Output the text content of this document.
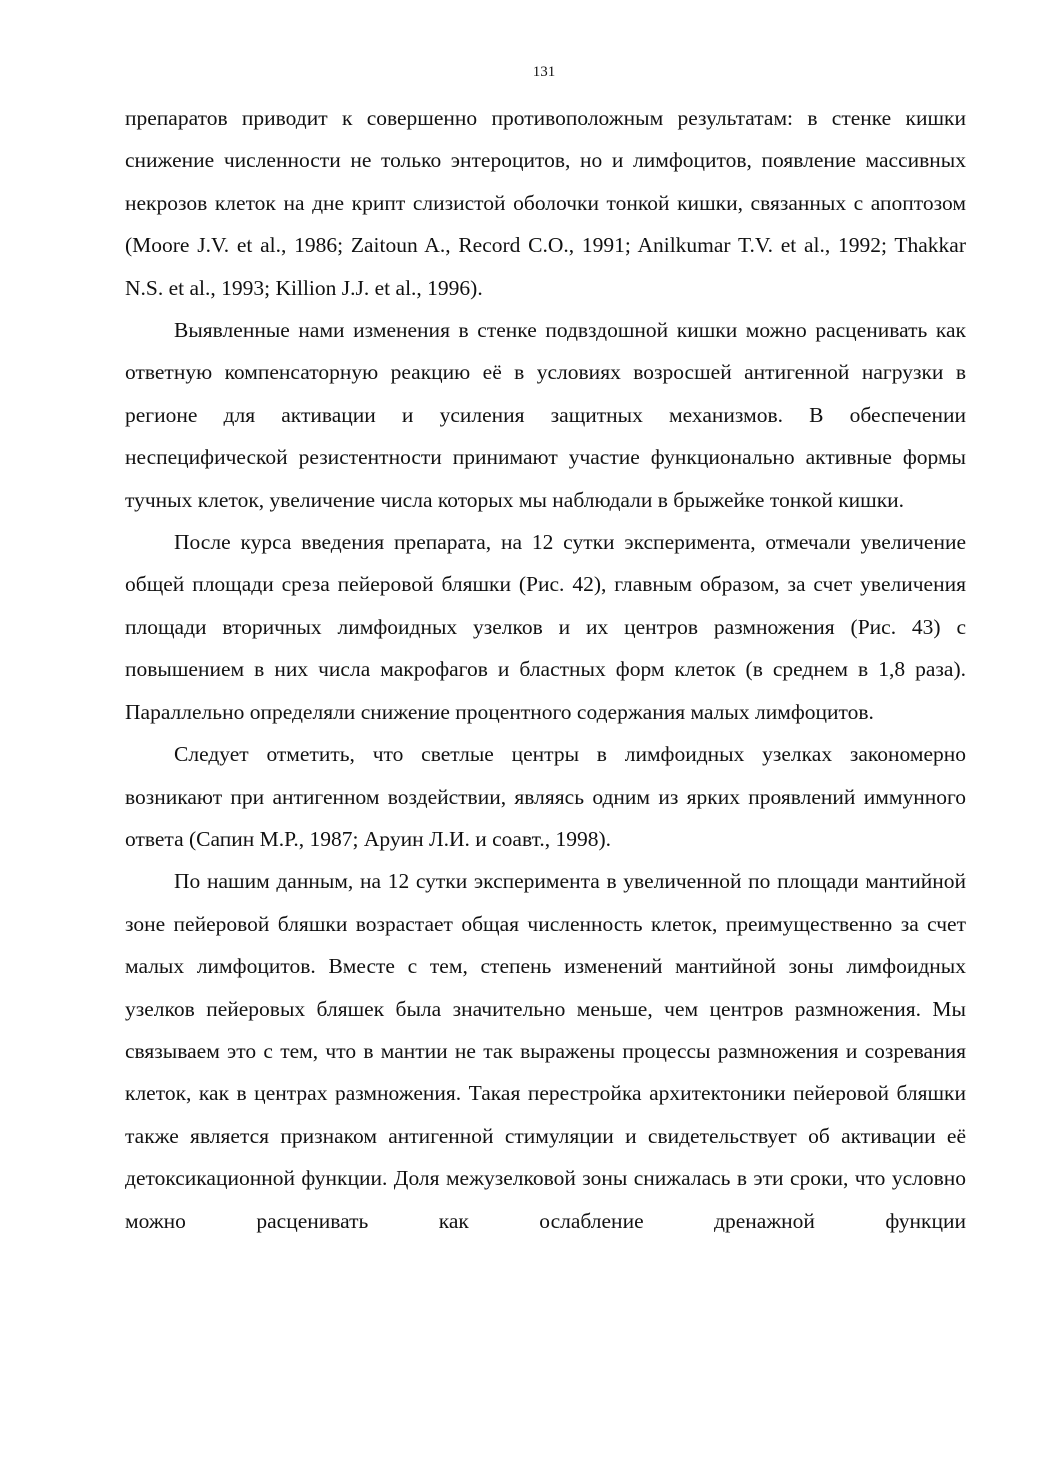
131

препаратов приводит к совершенно противоположным результатам: в стенке кишки снижение численности не только энтероцитов, но и лимфоцитов, появление массивных некрозов клеток на дне крипт слизистой оболочки тонкой кишки, связанных с апоптозом (Moore J.V. et al., 1986; Zaitoun A., Record C.O., 1991; Anilkumar T.V. et al., 1992; Thakkar N.S. et al., 1993; Killion J.J. et al., 1996).

Выявленные нами изменения в стенке подвздошной кишки можно расценивать как ответную компенсаторную реакцию её в условиях возросшей антигенной нагрузки в регионе для активации и усиления защитных механизмов. В обеспечении неспецифической резистентности принимают участие функционально активные формы тучных клеток, увеличение числа которых мы наблюдали в брыжейке тонкой кишки.

После курса введения препарата, на 12 сутки эксперимента, отмечали увеличение общей площади среза пейеровой бляшки (Рис. 42), главным образом, за счет увеличения площади вторичных лимфоидных узелков и их центров размножения (Рис. 43) с повышением в них числа макрофагов и бластных форм клеток (в среднем в 1,8 раза). Параллельно определяли снижение процентного содержания малых лимфоцитов.

Следует отметить, что светлые центры в лимфоидных узелках закономерно возникают при антигенном воздействии, являясь одним из ярких проявлений иммунного ответа (Сапин М.Р., 1987; Аруин Л.И. и соавт., 1998).

По нашим данным, на 12 сутки эксперимента в увеличенной по площади мантийной зоне пейеровой бляшки возрастает общая численность клеток, преимущественно за счет малых лимфоцитов. Вместе с тем, степень изменений мантийной зоны лимфоидных узелков пейеровых бляшек была значительно меньше, чем центров размножения. Мы связываем это с тем, что в мантии не так выражены процессы размножения и созревания клеток, как в центрах размножения. Такая перестройка архитектоники пейеровой бляшки также является признаком антигенной стимуляции и свидетельствует об активации её детоксикационной функции. Доля межузелковой зоны снижалась в эти сроки, что условно можно расценивать как ослабление дренажной функции
